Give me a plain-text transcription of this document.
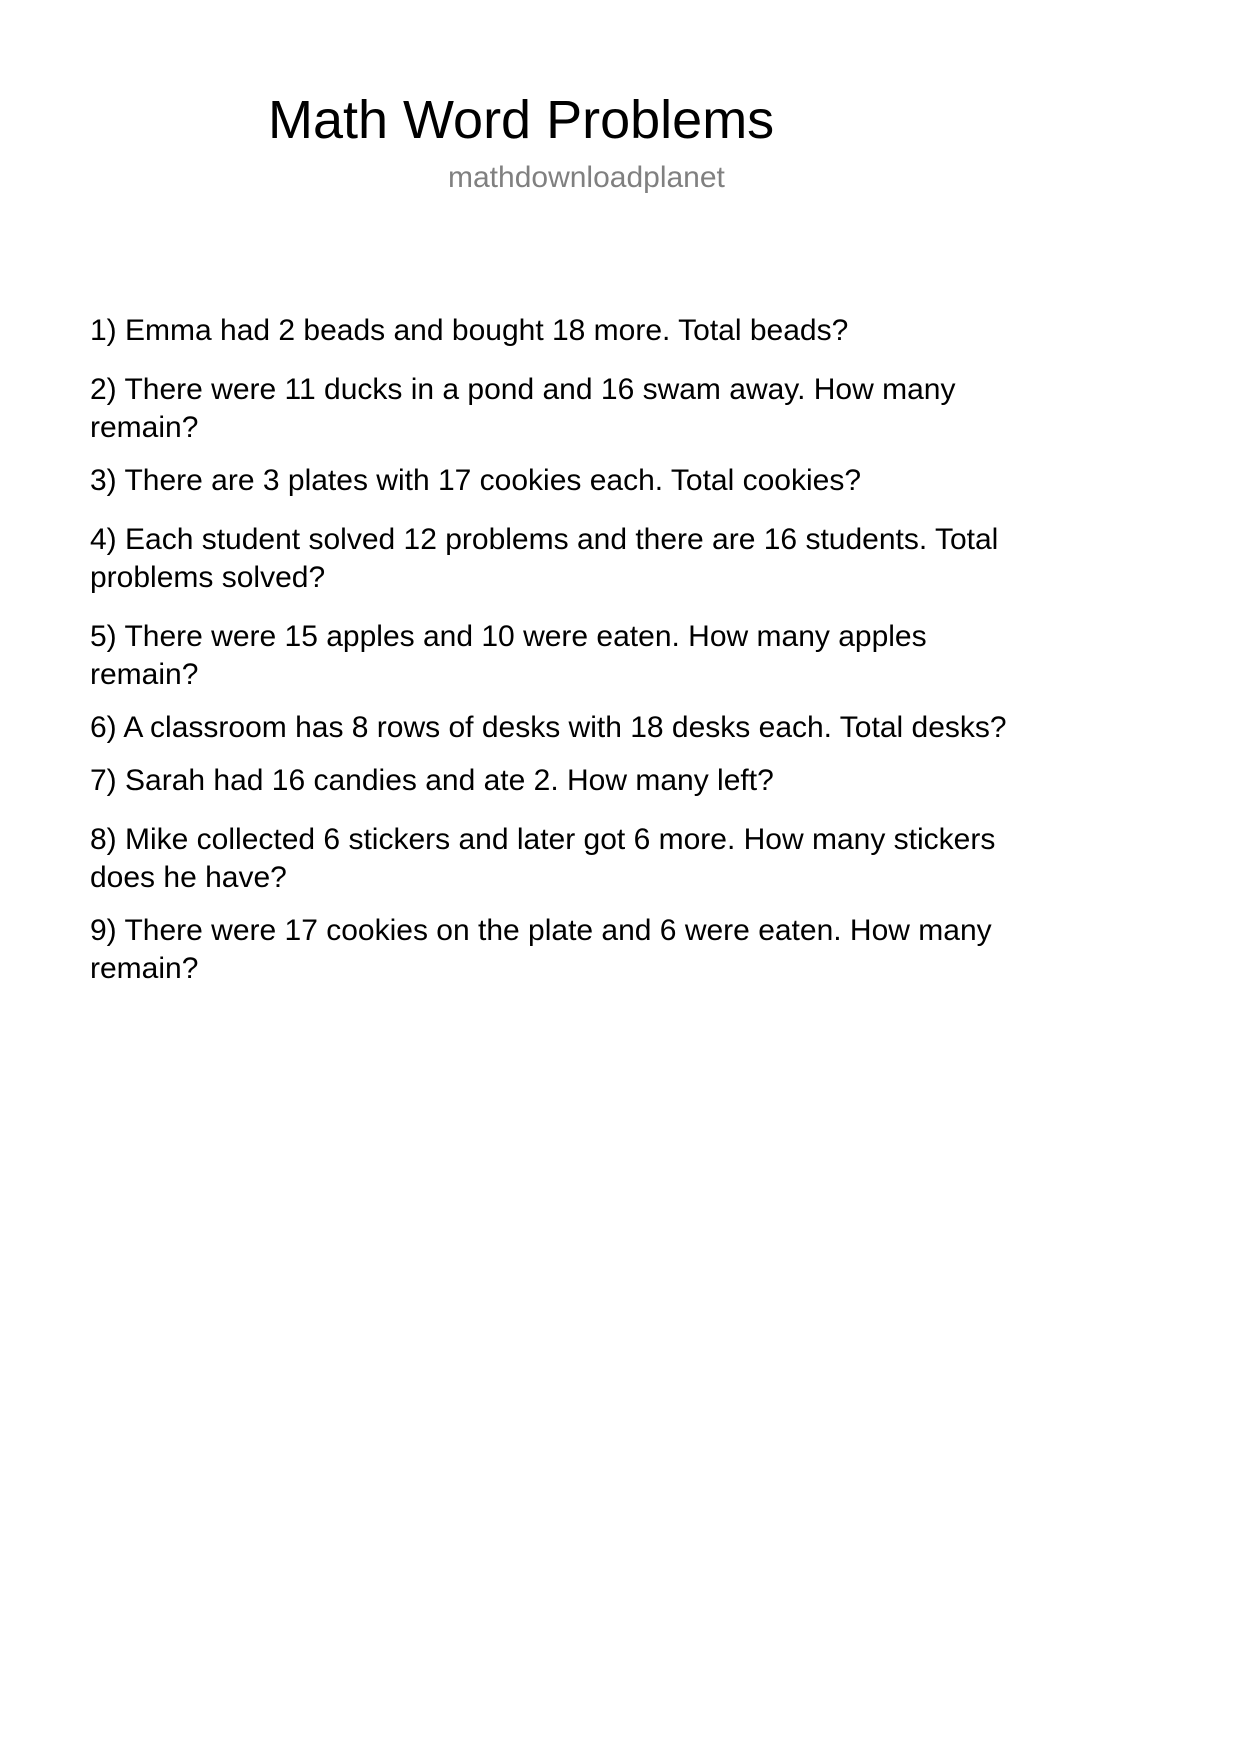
Math Word Problems
mathdownloadplanet
1) Emma had 2 beads and bought 18 more. Total beads?
2) There were 11 ducks in a pond and 16 swam away. How many remain?
3) There are 3 plates with 17 cookies each. Total cookies?
4) Each student solved 12 problems and there are 16 students. Total problems solved?
5) There were 15 apples and 10 were eaten. How many apples remain?
6) A classroom has 8 rows of desks with 18 desks each. Total desks?
7) Sarah had 16 candies and ate 2. How many left?
8) Mike collected 6 stickers and later got 6 more. How many stickers does he have?
9) There were 17 cookies on the plate and 6 were eaten. How many remain?
